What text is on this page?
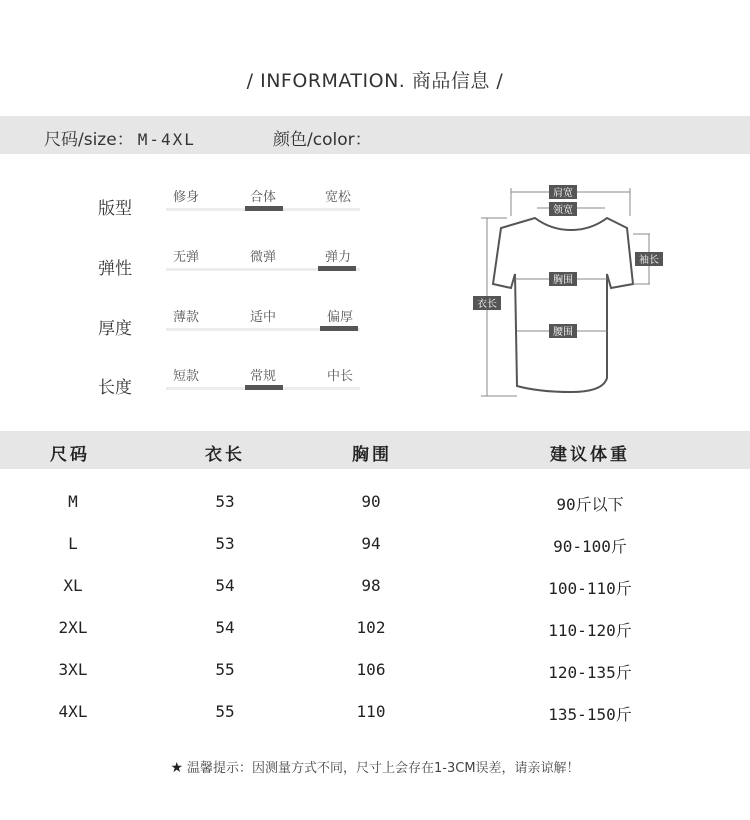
/ INFORMATION. 商品信息 /
尺码/size： M-4XL	颜色/color：
版型
修身	合体	宽松
弹性
无弹	微弹	弹力
厚度
薄款	适中	偏厚
长度
短款	常规	中长
肩宽
领宽
胸围
腰围
袖长
衣长
尺码	衣长	胸围	建议体重
M	53	90	90斤以下
L	53	94	90-100斤
XL	54	98	100-110斤
2XL	54	102	110-120斤
3XL	55	106	120-135斤
4XL	55	110	135-150斤
★ 温馨提示：因测量方式不同，尺寸上会存在1-3CM误差，请亲谅解！
